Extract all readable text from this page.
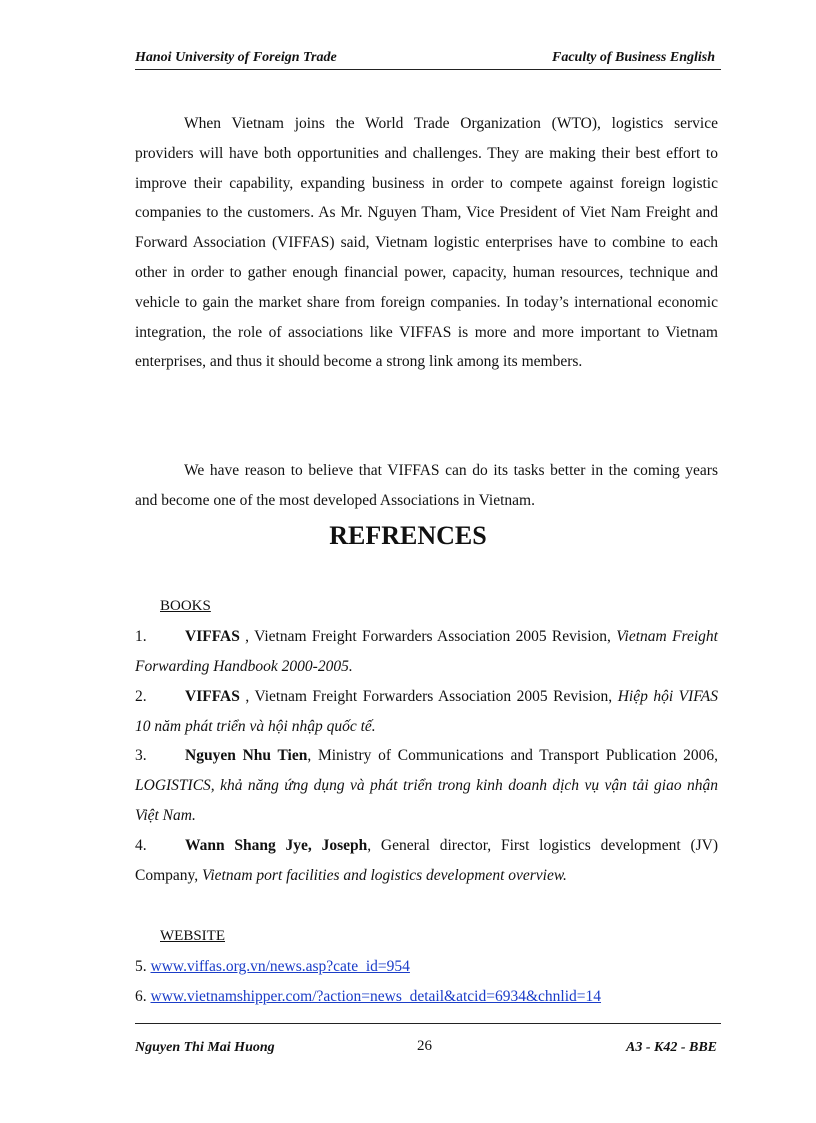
Hanoi University of Foreign Trade	Faculty of Business English

When Vietnam joins the World Trade Organization (WTO), logistics service providers will have both opportunities and challenges. They are making their best effort to improve their capability, expanding business in order to compete against foreign logistic companies to the customers. As Mr. Nguyen Tham, Vice President of Viet Nam Freight and Forward Association (VIFFAS) said, Vietnam logistic enterprises have to combine to each other in order to gather enough financial power, capacity, human resources, technique and vehicle to gain the market share from foreign companies. In today’s international economic integration, the role of associations like VIFFAS is more and more important to Vietnam enterprises, and thus it should become a strong link among its members.

We have reason to believe that VIFFAS can do its tasks better in the coming years and become one of the most developed Associations in Vietnam.

REFRENCES
BOOKS

1. VIFFAS , Vietnam Freight Forwarders Association 2005 Revision, Vietnam Freight Forwarding Handbook 2000-2005.

2. VIFFAS , Vietnam Freight Forwarders Association 2005 Revision, Hiệp hội VIFAS 10 năm phát triển và hội nhập quốc tế.

3. Nguyen Nhu Tien, Ministry of Communications and Transport Publication 2006, LOGISTICS, khả năng ứng dụng và phát triển trong kinh doanh dịch vụ vận tải giao nhận Việt Nam.

4. Wann Shang Jye, Joseph, General director, First logistics development (JV) Company, Vietnam port facilities and logistics development overview.

WEBSITE
5. www.viffas.org.vn/news.asp?cate_id=954
6. www.vietnamshipper.com/?action=news_detail&atcid=6934&chnlid=14
Nguyen Thi Mai Huong	26	A3 - K42 - BBE
